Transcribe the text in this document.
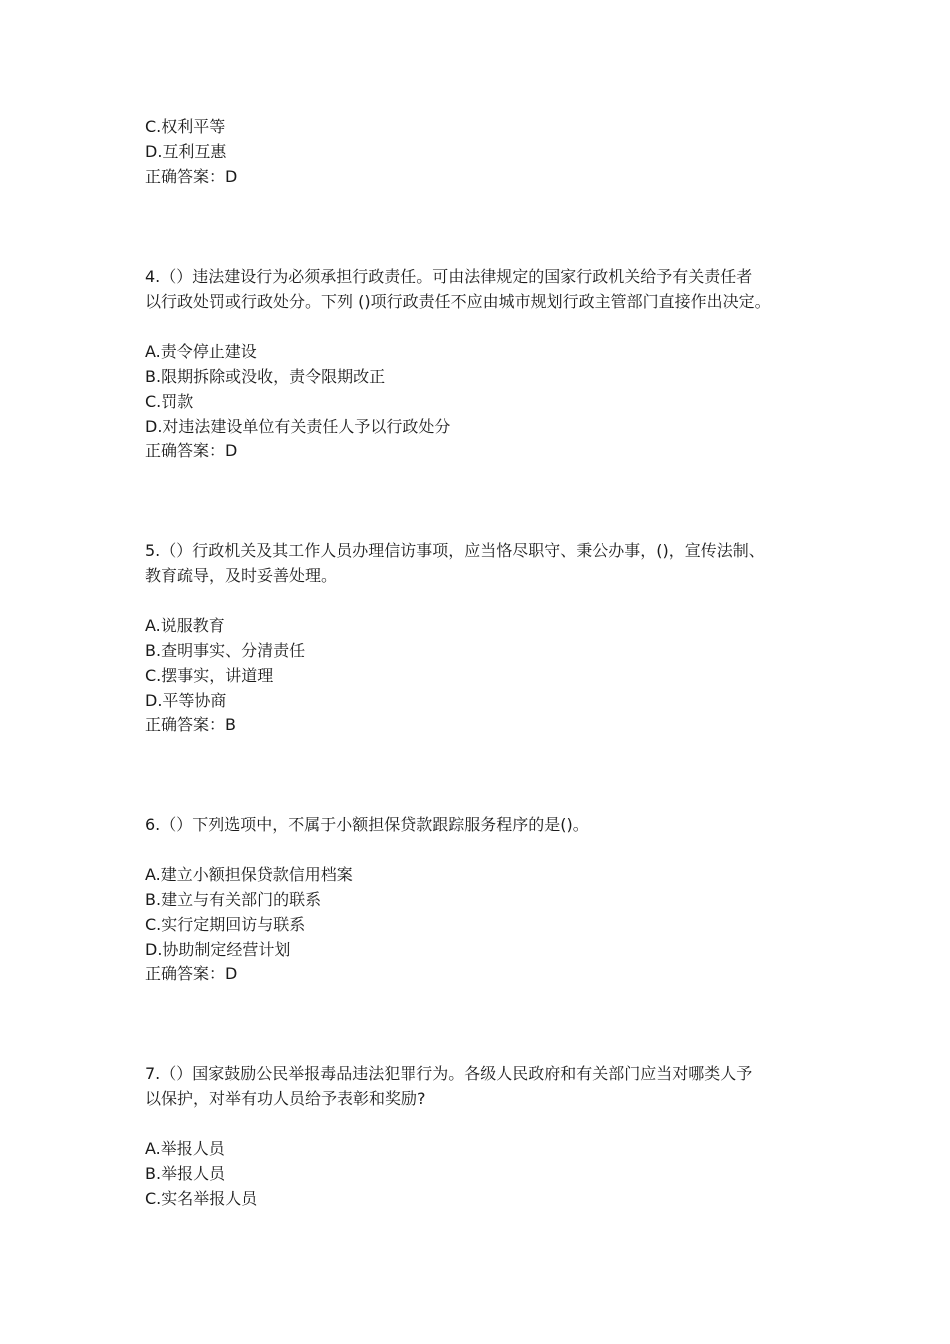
C.权利平等
D.互利互惠
正确答案：D
4.（）违法建设行为必须承担行政责任。可由法律规定的国家行政机关给予有关责任者
以行政处罚或行政处分。下列 ()项行政责任不应由城市规划行政主管部门直接作出决定。
A.责令停止建设
B.限期拆除或没收，责令限期改正
C.罚款
D.对违法建设单位有关责任人予以行政处分
正确答案：D
5.（）行政机关及其工作人员办理信访事项，应当恪尽职守、秉公办事，()，宣传法制、
教育疏导，及时妥善处理。
A.说服教育
B.查明事实、分清责任
C.摆事实，讲道理
D.平等协商
正确答案：B
6.（）下列选项中，不属于小额担保贷款跟踪服务程序的是()。
A.建立小额担保贷款信用档案
B.建立与有关部门的联系
C.实行定期回访与联系
D.协助制定经营计划
正确答案：D
7.（）国家鼓励公民举报毒品违法犯罪行为。各级人民政府和有关部门应当对哪类人予
以保护，对举有功人员给予表彰和奖励?
A.举报人员
B.举报人员
C.实名举报人员
